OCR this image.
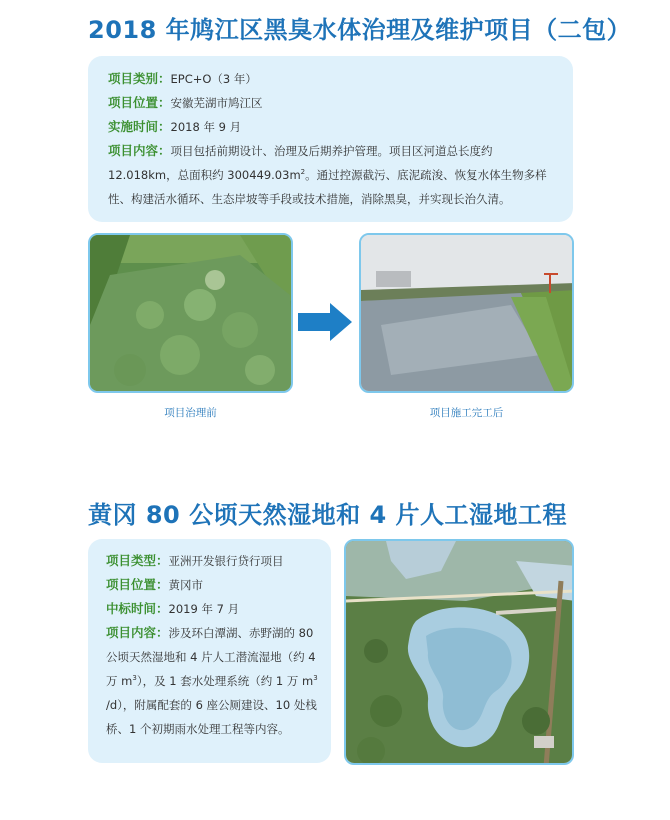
2018 年鸠江区黑臭水体治理及维护项目（二包）
项目类别：EPC+O（3 年）
项目位置：安徽芜湖市鸠江区
实施时间：2018 年 9 月
项目内容：项目包括前期设计、治理及后期养护管理。项目区河道总长度约 12.018km，总面积约 $300449.03m^2$。通过控源截污、底泥疏浚、恢复水体生物多样性、构建活水循环、生态岸坡等手段或技术措施，消除黑臭，并实现长治久清。
项目治理前	项目施工完工后
黄冈 80 公顷天然湿地和 4 片人工湿地工程
项目类型：亚洲开发银行贷行项目
项目位置：黄冈市
中标时间：2019 年 7 月
项目内容：涉及环白潭湖、赤野湖的 80 公顷天然湿地和 4 片人工潜流湿地（约 4 万 $m^3$），及 1 套水处理系统（约 1 万 $m^3$ /d），附属配套的 6 座公厕建设、10 处栈桥、1 个初期雨水处理工程等内容。
